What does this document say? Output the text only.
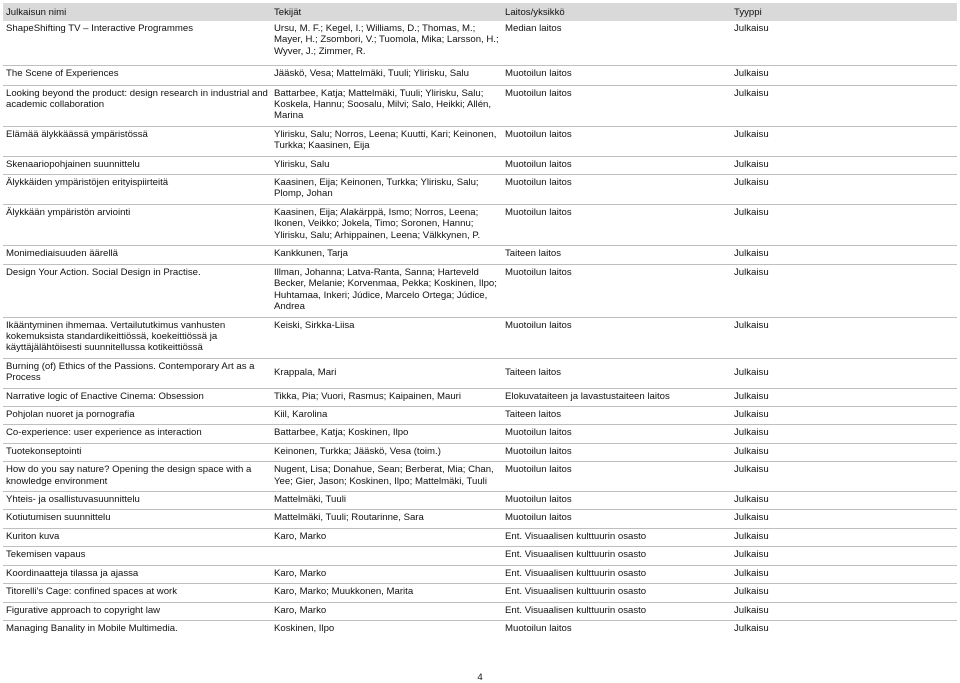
Julkaisun nimi	Tekijät	Laitos/yksikkö	Tyyppi
ShapeShifting TV – Interactive Programmes	Ursu, M. F.; Kegel, I.; Williams, D.; Thomas, M.; Mayer, H.; Zsombori, V.; Tuomola, Mika; Larsson, H.; Wyver, J.; Zimmer, R.	Median laitos	Julkaisu
The Scene of Experiences	Jääskö, Vesa; Mattelmäki, Tuuli; Ylirisku, Salu	Muotoilun laitos	Julkaisu
Looking beyond the product: design research in industrial and academic collaboration	Battarbee, Katja; Mattelmäki, Tuuli; Ylirisku, Salu; Koskela, Hannu; Soosalu, Milvi; Salo, Heikki; Allén, Marina	Muotoilun laitos	Julkaisu
Elämää älykkäässä ympäristössä	Ylirisku, Salu; Norros, Leena; Kuutti, Kari; Keinonen, Turkka; Kaasinen, Eija	Muotoilun laitos	Julkaisu
Skenaariopohjainen suunnittelu	Ylirisku, Salu	Muotoilun laitos	Julkaisu
Älykkäiden ympäristöjen erityispiirteitä	Kaasinen, Eija; Keinonen, Turkka; Ylirisku, Salu; Plomp, Johan	Muotoilun laitos	Julkaisu
Älykkään ympäristön arviointi	Kaasinen, Eija; Alakärppä, Ismo; Norros, Leena; Ikonen, Veikko; Jokela, Timo; Soronen, Hannu; Ylirisku, Salu; Arhippainen, Leena; Välkkynen, P.	Muotoilun laitos	Julkaisu
Monimediaisuuden äärellä	Kankkunen, Tarja	Taiteen laitos	Julkaisu
Design Your Action. Social Design in Practise.	Illman, Johanna; Latva-Ranta, Sanna; Harteveld Becker, Melanie; Korvenmaa, Pekka; Koskinen, Ilpo; Huhtamaa, Inkeri; Júdice, Marcelo Ortega; Júdice, Andrea	Muotoilun laitos	Julkaisu
Ikääntyminen ihmemaa. Vertailututkimus vanhusten kokemuksista standardikeittiössä, koekeittiössä ja käyttäjälähtöisesti suunnitellussa kotikeittiössä	Keiski, Sirkka-Liisa	Muotoilun laitos	Julkaisu
Burning (of) Ethics of the Passions. Contemporary Art as a Process	Krappala, Mari	Taiteen laitos	Julkaisu
Narrative logic of Enactive Cinema: Obsession	Tikka, Pia; Vuori, Rasmus; Kaipainen, Mauri	Elokuvataiteen ja lavastustaiteen laitos	Julkaisu
Pohjolan nuoret ja pornografia	Kiil, Karolina	Taiteen laitos	Julkaisu
Co-experience: user experience as interaction	Battarbee, Katja; Koskinen, Ilpo	Muotoilun laitos	Julkaisu
Tuotekonseptointi	Keinonen, Turkka; Jääskö, Vesa (toim.)	Muotoilun laitos	Julkaisu
How do you say nature? Opening the design space with a knowledge environment	Nugent, Lisa; Donahue, Sean; Berberat, Mia; Chan, Yee; Gier, Jason; Koskinen, Ilpo; Mattelmäki, Tuuli	Muotoilun laitos	Julkaisu
Yhteis- ja osallistuvasuunnittelu	Mattelmäki, Tuuli	Muotoilun laitos	Julkaisu
Kotiutumisen suunnittelu	Mattelmäki, Tuuli; Routarinne, Sara	Muotoilun laitos	Julkaisu
Kuriton kuva	Karo, Marko	Ent. Visuaalisen kulttuurin osasto	Julkaisu
Tekemisen vapaus		Ent. Visuaalisen kulttuurin osasto	Julkaisu
Koordinaatteja tilassa ja ajassa	Karo, Marko	Ent. Visuaalisen kulttuurin osasto	Julkaisu
Titorelli's Cage: confined spaces at work	Karo, Marko; Muukkonen, Marita	Ent. Visuaalisen kulttuurin osasto	Julkaisu
Figurative approach to copyright law	Karo, Marko	Ent. Visuaalisen kulttuurin osasto	Julkaisu
Managing Banality in Mobile Multimedia.	Koskinen, Ilpo	Muotoilun laitos	Julkaisu
4
